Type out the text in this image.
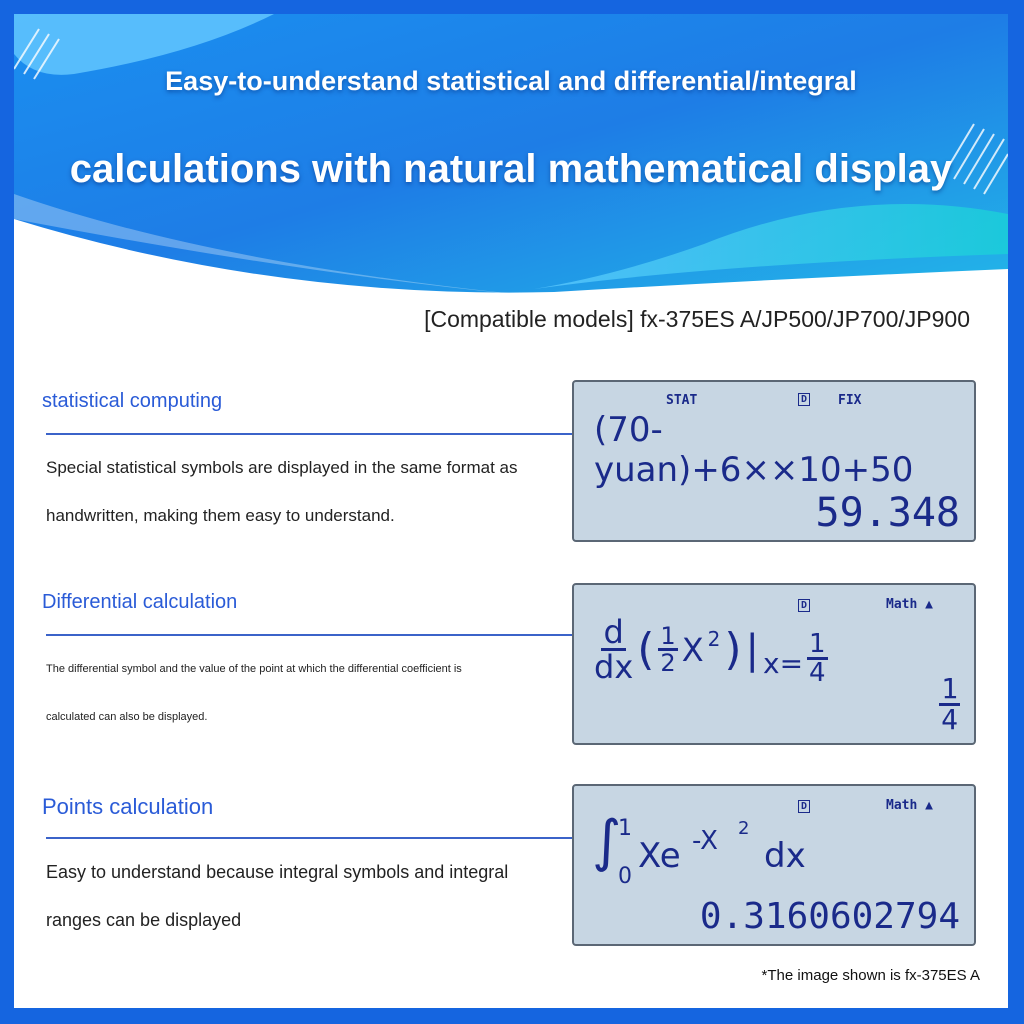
Easy-to-understand statistical and differential/integral
calculations with natural mathematical display
[Compatible models] fx-375ES A/JP500/JP700/JP900
statistical computing
Special statistical symbols are displayed in the same format as
handwritten, making them easy to understand.
STAT	D FIX
(70-yuan)+6××10+50
59.348
Differential calculation
The differential symbol and the value of the point at which the differential coefficient is
calculated can also be displayed.
D	Math ▲
$\frac{d}{dx}$ ( $\frac{1}{2} X^2$ ) | $x= \frac{1}{4}$
$\frac{1}{4}$
Points calculation
Easy to understand because integral symbols and integral
ranges can be displayed
D	Math ▲
∫
1
0
Xe -X 2
dx
0.3160602794
*The image shown is fx-375ES A
